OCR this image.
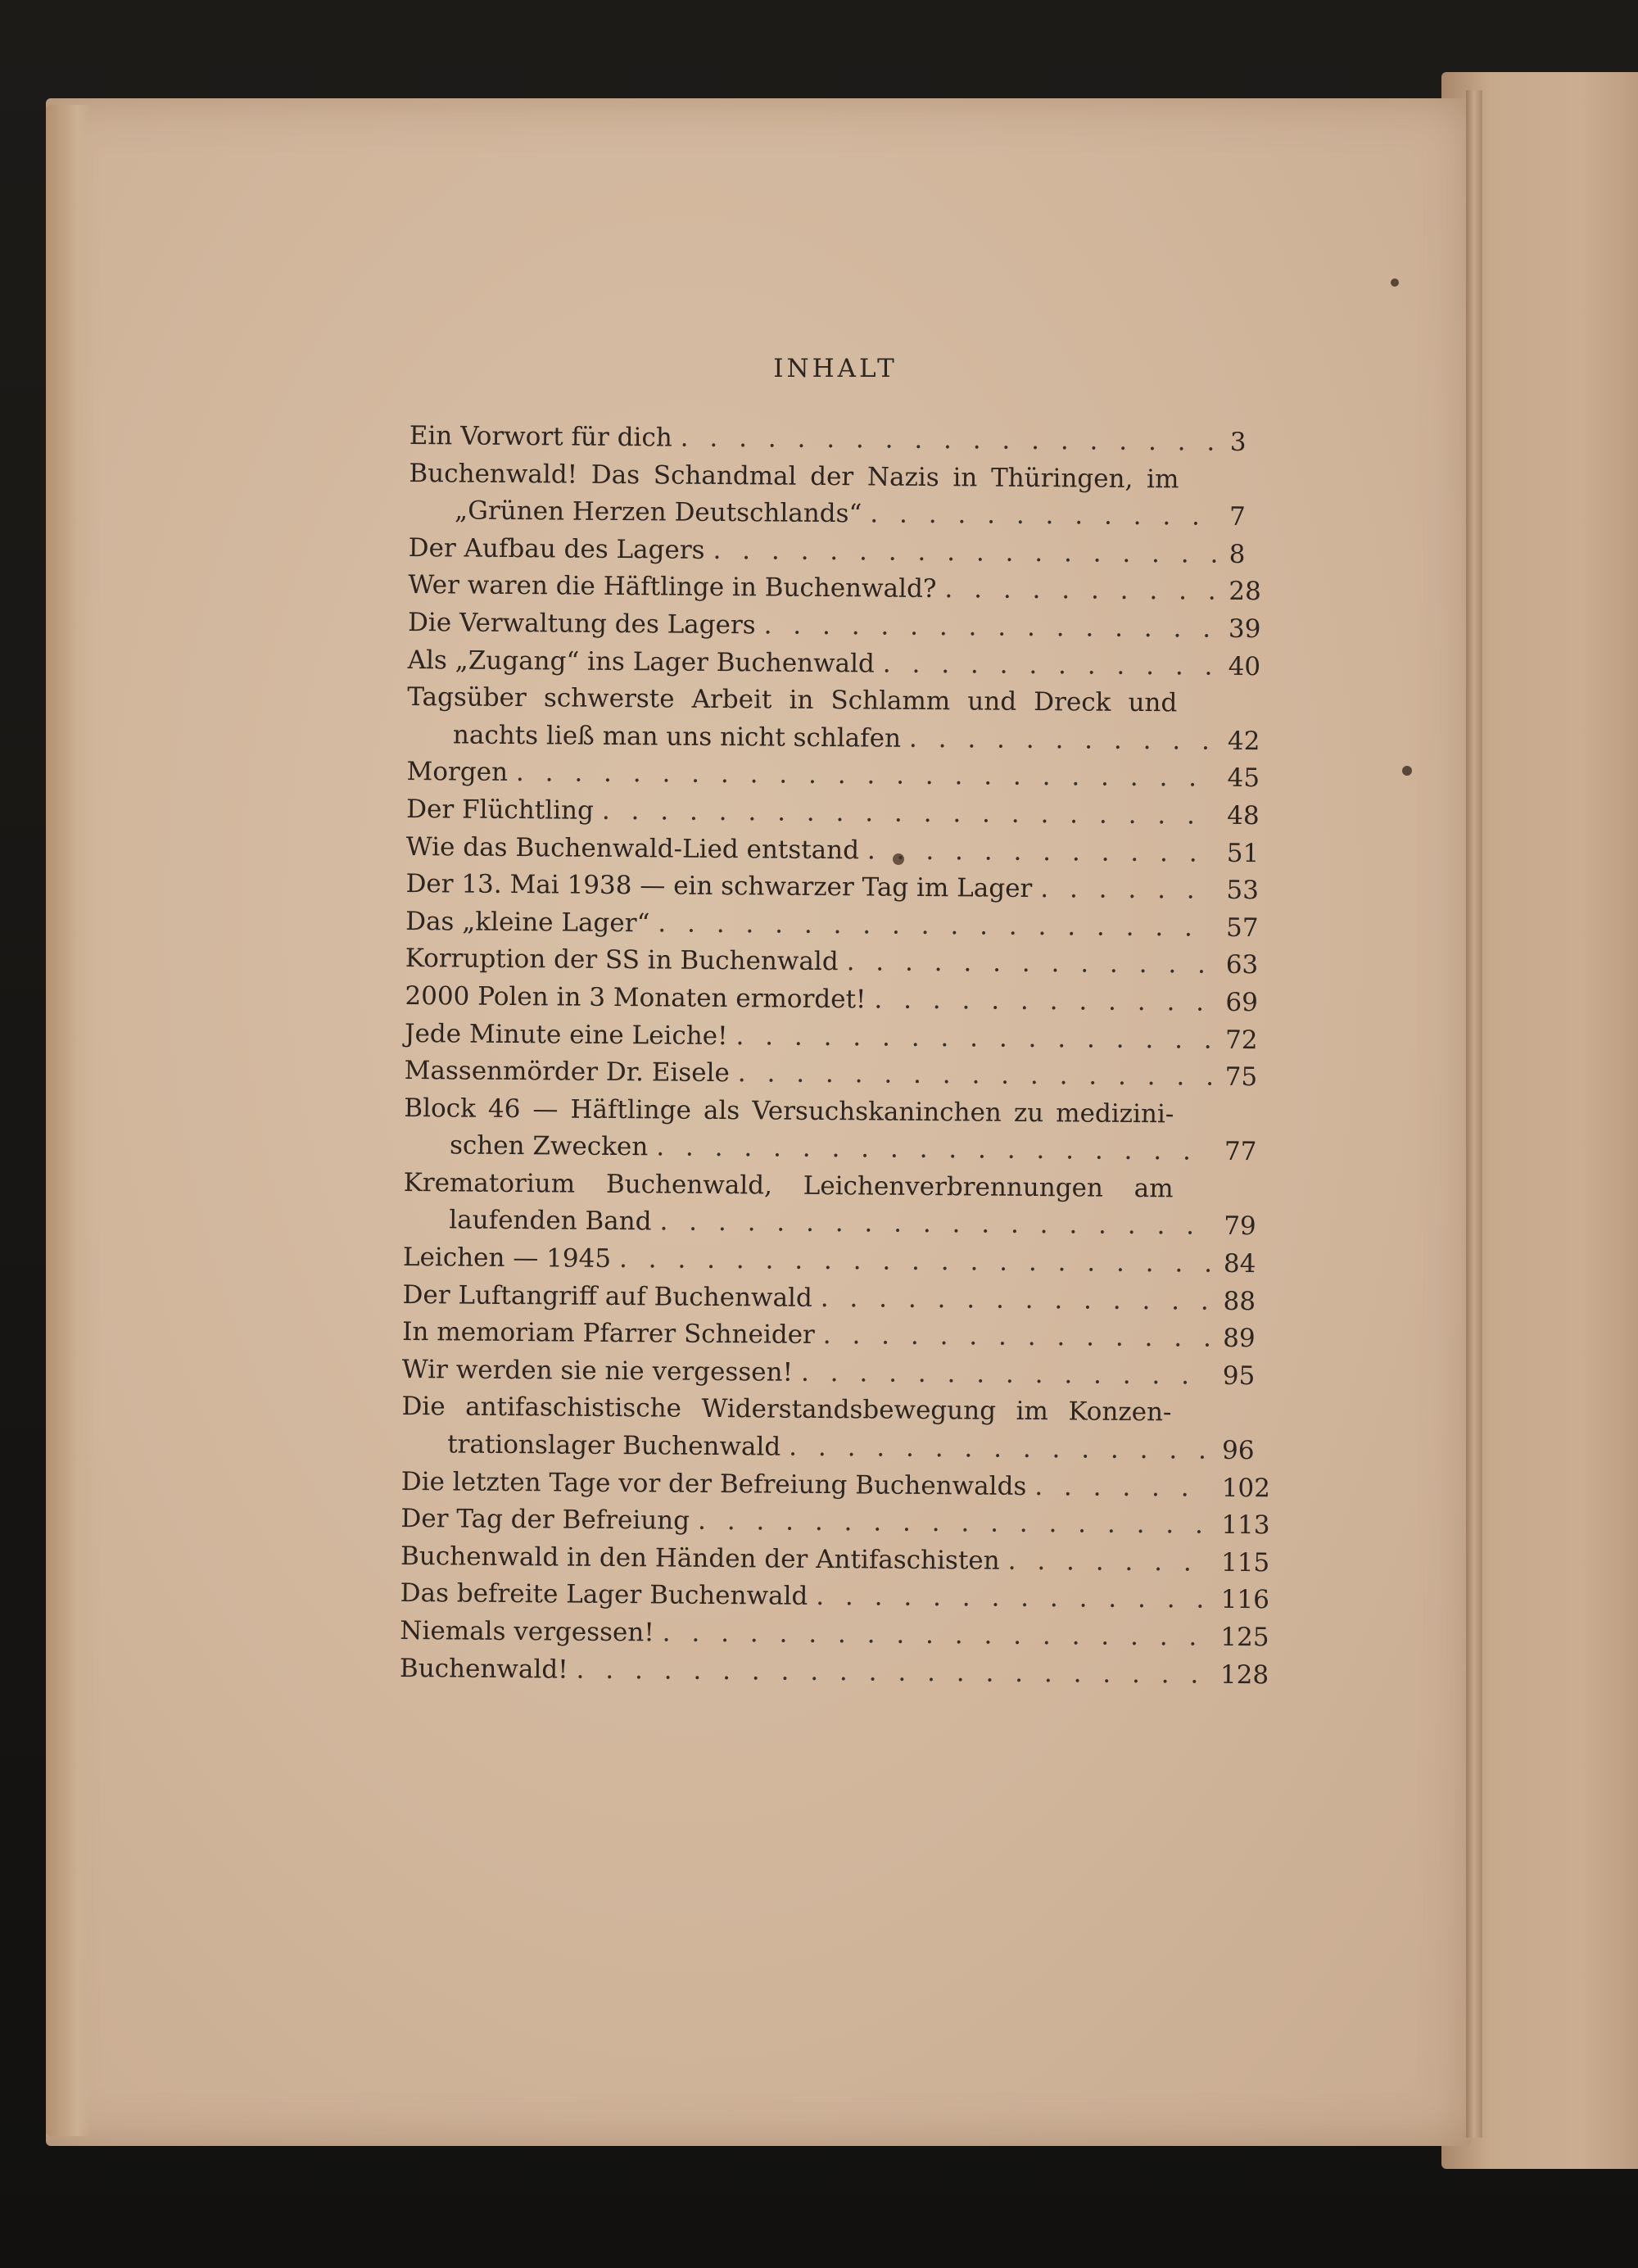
INHALT
Ein Vorwort für dich . . .	3
Buchenwald! Das Schandmal der Nazis in Thüringen, im
„Grünen Herzen Deutschlands“ . . .	7
Der Aufbau des Lagers . . .	8
Wer waren die Häftlinge in Buchenwald? . . .	28
Die Verwaltung des Lagers . . .	39
Als „Zugang“ ins Lager Buchenwald . . .	40
Tagsüber schwerste Arbeit in Schlamm und Dreck und
nachts ließ man uns nicht schlafen . . .	42
Morgen . . .	45
Der Flüchtling . . .	48
Wie das Buchenwald-Lied entstand . . .	51
Der 13. Mai 1938 — ein schwarzer Tag im Lager . . .	53
Das „kleine Lager“ . . .	57
Korruption der SS in Buchenwald . . .	63
2000 Polen in 3 Monaten ermordet! . . .	69
Jede Minute eine Leiche! . . .	72
Massenmörder Dr. Eisele . . .	75
Block 46 — Häftlinge als Versuchskaninchen zu medizini-
schen Zwecken . . .	77
Krematorium Buchenwald, Leichenverbrennungen am
laufenden Band . . .	79
Leichen — 1945 . . .	84
Der Luftangriff auf Buchenwald . . .	88
In memoriam Pfarrer Schneider . . .	89
Wir werden sie nie vergessen! . . .	95
Die antifaschistische Widerstandsbewegung im Konzen-
trationslager Buchenwald . . .	96
Die letzten Tage vor der Befreiung Buchenwalds . . .	102
Der Tag der Befreiung . . .	113
Buchenwald in den Händen der Antifaschisten . . .	115
Das befreite Lager Buchenwald . . .	116
Niemals vergessen! . . .	125
Buchenwald! . . .	128
